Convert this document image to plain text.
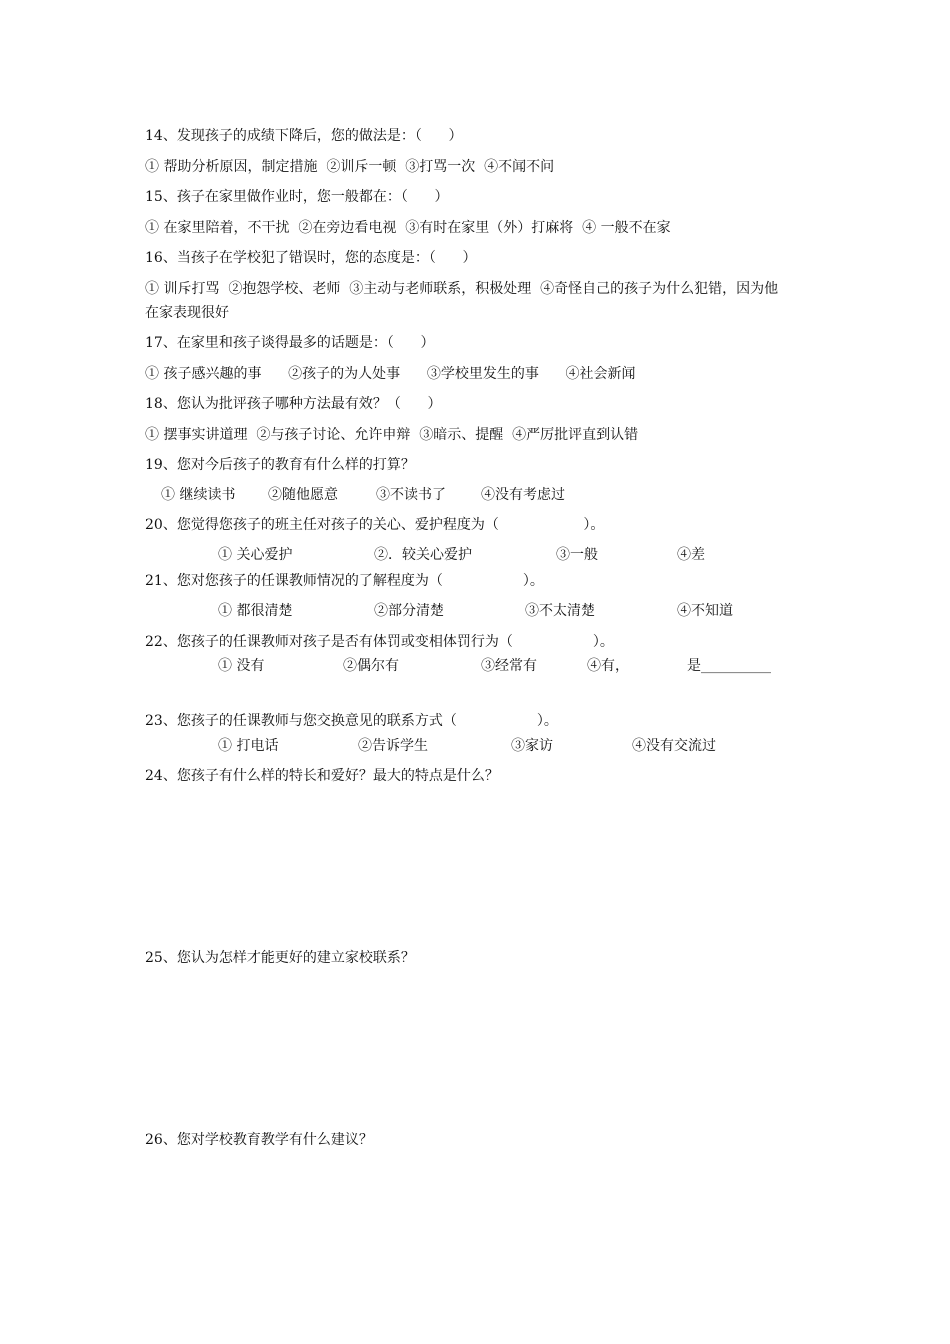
14、发现孩子的成绩下降后，您的做法是：（      ）
① 帮助分析原因，制定措施  ②训斥一顿  ③打骂一次  ④不闻不问
15、孩子在家里做作业时，您一般都在：（      ）
① 在家里陪着，不干扰  ②在旁边看电视  ③有时在家里（外）打麻将  ④ 一般不在家
16、当孩子在学校犯了错误时，您的态度是：（      ）
① 训斥打骂  ②抱怨学校、老师  ③主动与老师联系，积极处理  ④奇怪自己的孩子为什么犯错，因为他
在家表现很好
17、在家里和孩子谈得最多的话题是：（      ）
① 孩子感兴趣的事      ②孩子的为人处事      ③学校里发生的事      ④社会新闻
18、您认为批评孩子哪种方法最有效？（      ）
① 摆事实讲道理  ②与孩子讨论、允许申辩  ③暗示、提醒  ④严厉批评直到认错
19、您对今后孩子的教育有什么样的打算？
① 继续读书 ②随他愿意	③不读书了	④没有考虑过
20、您觉得您孩子的班主任对孩子的关心、爱护程度为（                   ）。
① 关心爱护	②．较关心爱护	③一般	④差
21、您对您孩子的任课教师情况的了解程度为（                  ）。
① 都很清楚	②部分清楚	③不太清楚	④不知道
22、您孩子的任课教师对孩子是否有体罚或变相体罚行为（                  ）。
① 没有	②偶尔有	③经常有	④有，	是__________
23、您孩子的任课教师与您交换意见的联系方式（                  ）。
① 打电话	②告诉学生	③家访	④没有交流过
24、您孩子有什么样的特长和爱好？最大的特点是什么？
25、您认为怎样才能更好的建立家校联系？
26、您对学校教育教学有什么建议？
